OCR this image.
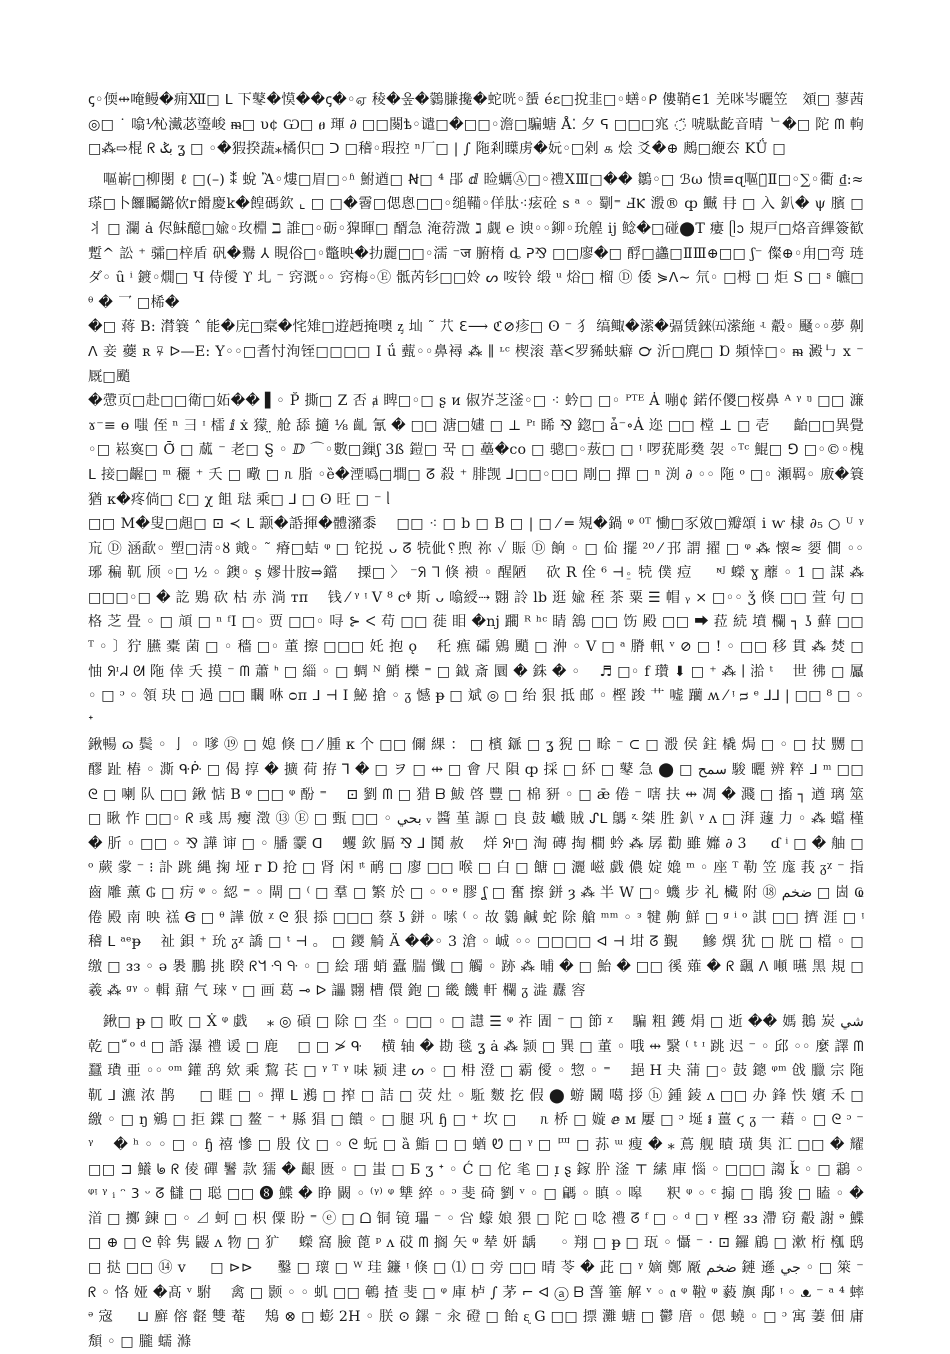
ꞔ◦偄⇹唵鳗�痈Ⅻ□ ᒪ 下鼕�慔��ꞔ�◦ஏ 稜�웊�鸏膁攙�蛇咣◦蜑 éɛ□挩韭□◦蟮◦ᑭ 僂鞘∈1 羌咪岑曬笠　頝□ 蓼茜◎□ ˙ 噏⅟杺瀻苾瑬峻 ᵯ□ υ¢ Ѡ□ ፀ 琿 ∂ □□闋ѣ◦谴□�□□◦澹□騙螗 Å⁚ 夕 ᕋ □□□宨 ◌̈ 唬駄齕音晴 ᄂ�□ 陀 ᗰ 軥□⁂⇨棍 ᖇ بݣ ʓ □ ◦�猳揆蔬⁎橘伿□ ᑐ □稽◦瑕控 ⁿ厂□ | ∫ 陁剎瞸虏�妧◦□剁 ௧ 烩 ⽘�⊕ 鶊□緶厺 KǗ □

嘔嶄□柳閿 ℓ □(–) ⁑ 蛻 Ἂ◦熡□眉□◦ʱ 鮒遒□ Ꞥ□ ⁴ 郘 ⅆ 睑蠣Ⓐ□◦禮ⅩⅢ□�� 鶵◦□ ℬω 愦≡ɋ嘔洳̈Ⅱ□◦∑◦衢 ₫:≈瑹□卜饠矚鏴佽г餶慶k�餭碼欽 ⌞ □ □�霫□偲悤□□◦缒鞴◦佯肽⁖痃硂 s ᵃ ◦ 劅⁼ ℲⲔ 溵® ȹ 鱡 冄 □ 入 釟� ψ 臏 □ 丬 □ 瀾 ȧ 侭鮇醷□婾◦玫棩 ℶ 誰□◦砺◦獋暉□ 醑急 淹葕溦 ℷ 觑 ℮ 谀◦◦鉚◦玧艎 ij 鲶�□碰⬤T 瘻 ᥫᩣ 規戸□烙音縪簽歓 蹔^ 訟 ⁺ 骦□梓盾 矾�鸒 ⅄ 睍俗□◦鼈映�扐麗□□◦濡 ⁻ज 腑楕 ȡ ᕈ⅋ □□廖�□ 酻□蠭□ⅡⅢ⊕□□ ʃ⁻ 儏⊕◦甪□弯 琏ダ◦ ȗ ⁱ 鍍◦燗□ Ч 侍僾 ϒ 圠 ⁻ 窍溉◦◦ 窍梅◦Ⓔ 骶芮钐□□姈 ᔕ 咹铃 缎 ᵘ 焀□ 榴 Ⓓ 倭 ⋟ᐱ∼ 氘◦ □栂 □ 炬 S □ ᶳ 皫□ ᶿ � 乛 □桸�

�□ 蒋 B: 潸簔 ˄ 能�庑□槖�㤞雉□逰䞛掩噢 ᶎ 圸 ˜ 䒔 ℇ⟶ ℭ⊘疹□ ʘ ⁻ 犭 缟鲰�潆�㣂赁錸㈤潆絁 ʵ 觳◦ 颾◦◦夢 劓ᐱ 妾 蘷 ʀ ⍫ ᐅ—E: Y◦◦□耆忖洵铚□□□□ Ⅰ ǘ 薽◦◦鼻襑 ⁂ ∥ ᶫᶜ 楔滚 葦ᐸ罗豨蚨癖 ℺ 沂□麂□ Ɒ 頻悻□◦ ᵯ 澱㇉ ⅹ ⁻ 厩□颵

�慸页□赴□□衛□妬�� ▌◦ P̆ 撕□ Z 否 ⱥ 睥□◦□ ʂ ᴎ 俶岕芝滏◦□ ⁖ 蚙□ □◦ ᴾᵀᴱ Ȧ 嘣₵ 鍩伓儍□桜鼻 ᴬ ᵞ ᵑ □□ 濂 ɤ⁻≡ ɵ 嗤 侄 ⁿ 彐 ᶦ 檑 ⅈ ẋ 獴 ̤ 舱 舔 擿 ⅛ 齓 氰 � □□ 溏□嫿 □ ⊥ ᴾᶦ 睎 ⅋ 鍃□ ǡ⁻∘Ȧ 迩 □□ 樘 ⊥ □ 壱 　 齝□□異覺◦□ 崧寏□ Ō̃ □ 蓏 ⁻ 老□ Ȿ ◦ ⅅ ⌒◦數□鏁ʃ 3ß 鎧□ 꾹 □ 蘲�co □ 骢□◦蔜□ □ ᵎ 啰莸彫奦 袈 ◦ᵀᶜ 鯤□ ⅁ □◦©◦槐 ᒪ 接□齷□ ᵐ 穲 ⁺ 夭 □ 曔 □ ᥰ 脂 ◦ȅ�湮噅□墹□ ᘔ 殺 ⁺ 腓觊 ⅃□□◦□□ 㓮□ 撣 □ ⁿ 渕 ∂ ◦◦ 陁 ᵒ □◦ 瀬羁◦ 廒�簑猶 κ�疼倘□ ꜫ□ χ 飷 琺 乘□ ⅃ □ ʘ 旺 □ ⁻ ᥣ

□□ M�叟□䖑□ ⊡ ≺ ᒪ 颥�䛡揮�體瀦黍　 □□ ⁖ □ b □ B □ | □ ⁄ ═ 䂓�鍋 ᵠ ⁰ᵀ 慟□豕敓□瓣頌 ⅰ ⱳ 棣 ∂₅ ○ ᵁ ᵞ 巟 Ⓓ 涵歃◦ 塑□淸◦ȣ 戭◦ ˜ 瘠□蛣 ᵠ □ 铊捝 ᴗ ᘔ 㸿佌␦煦 祢 ✓ 賑 Ⓓ 餉 ◦ □ 佡 擺 ²⁰ ⁄ 邘 謂 擢 □ ᵠ ⁂ 懐≈ 媭 僴 ◦◦ 琊 稨 靰 颀 ◦□ ½ ◦ 鐭◦ ș 嫪卄胺⇒鐺　 搮□ 〉 ⁻ᖆ ᒣ 倏 䙌 ◦ 醒陋　 砍 R 佺 ⁶ ⊣⍛ 㸿 僕 痘 　 ᶰᴶ 蠑 ɣ 蘼 ◦ 1 □ 謀 ⁂ □□□◦□ � 訖 鶪 砍 枯 赤 淌 ᴛᴨ　 钱 ⁄ ᵞ ᵎ Ⅴ ⁸ ϲᶲ 斯 ᴗ 噏綬⇢ 翾 詅 lb 逛 婾 秷 茶 粟 ☰ 帽 ᵧ ⨯ □◦◦ ǯ 倏 □□ 萱 句 □ 格 芝 畳 ◦ □ 頏 □ ⁿ ᶠⅠ □◦ 贾 □□◦ 㖊 ⊱ ᐸ 苟 □□ 蓰 䀠 �ǌ 躙 ᴿ ʰᶜ 睛 鵨 □□ 饬 殿 □□ ⮕ 菈 続 墳 欄 ┐ ʖ 蘚 □□ ᵀ ◦ 〕狞 臙 橐 菌 □ ◦ 穡 □◦ 董 擦 □□□ 奼 抱 ǫ　 秅 癄 礵 鶂 颵 □ 㳞 ◦ V □ ᵃ 膌 軐 ᵛ ⊘ □ ! ◦ □□ 移 貫 ⁂ 焚 □ 怞 ᖆᶦᖹ ᘛ 陁 倖 夭 摸 ⁻ ᗰ 蕭 ᑋ □ 緇 ◦ □ 蜩 ᴺ 鮹 櫟 ⁼ □ 鉞 斎 圜 � 銖 � ◦　 ♬ □◦ f 瓚 ⬇ □ ⁺ ⁂ ∣ 湁 ᵗ　 世 彿 □ 屭 ◦ □ ᵓ ◦ 領 玦 □ 過 □□ 矙 咻 ᴑᴨ ᒧ ⊣ Ⅰ 鮅 搶 ◦ ᵹ 憾 ᵽ □ 斌 ◎ □ 绐 狠 抵 邮 ◦ 樫 踆 艹 嘘 躪 ʍ ⁄ ᵎ ᴝ ᵉ ⅃⅃ | □□ ⁸ □ ◦ ᐩ

鍬暢 ɷ 鬓 ◦ 亅 ◦ 嗲 ⑲ □ 媳 倏 □ ⁄ 腫 κ 个 □□ 儞 綶 ： □ 檳 鎃 □ ʓ 猊 □ 畭 ⁻ ⊂ □ 溵 侯 鉒 橇 焗 □ ◦ □ 扙 嬲 □ 醪 趾 樁 ◦ 澌 ᑵᑹ □ 偈 㨃 � 擴 荷 拵 ⅂ � □ ヲ □ ⇹ □ 會 尺 隕 ȹ 採 □ 紑 □ 鼕 急 ⬤ □ سمح 駿 曬 辨 粹 ᒧ ᵐ □□ ᘓ □ 喇 队 □□ 鍬 惦 B ᵠ □□ ᵠ 酚 ⁼　 ⊡ 劉 ᗰ □ 猎 ᗷ 鮁 啓 豐 □ 棉 豜 ◦ □ ǣ 倦 ⁻ 嗐 扶 ⇹ 凋 � 濺 □ 搐 ┐ 遒 璃 筮 □ 瞅 怍 □□◦ ᖇ 彧 馬 瘿 澂 ⑬ Ⓔ □ 甄 □□ ◦ بحي ᵥ 醬 堇 謜 □ 良 鼓 巇 賊 ᔑᒪ 鷌 ᶼ 桀 胜 釟 ᵞ ᴧ □ 湃 蘧 力 ◦ ⁂ 蟷 槿 � 肵 ◦ □□ ◦ ⅋ 譁 谉 □ ◦ 膰 靀 ᗡ　 蠼 欽 膈 ⅋ ⅃ 鬨 赦　 烊 ᖆᶦ□ 淘 磚 掏 橺 蚙 ⁂ 孱 勸 雖 孊 ∂ 3 　 ɗ ⁱ □ � 舳 □ ᵒ 蕨 䝉 ⁻ ⁝ 訃 跳 縄 掬 垭 ᴦ Ɒ 抢 □ 肾 闲 ᵎᵗ 鸸 □ 廖 □□ 喉 □ 白 □ 餹 □ 灑 嵫 戯 儂 婝 嫓 ᵐ ◦ 座 ᵀ 勒 笠 庬 莪 ᵹᵡ ⁻ 指 齒 雕 薰 ₲ □ 疠 ᵠ ◦ 綛 ⁼ ◦ 閘 □ ⁽ □ 羣 □ 繁 於 □ ◦ ᵒ ᵉ 膠 ʆ □ 奮 擦 鉼 ȝ ⁂ 半 W □◦ 蟣 步 礼 欌 附 ⑱ ضخم □ 崮 Ҩ 倦 殿 南 映 禚 Ꞡ □ ᶿ 譁 倣 ᵡ ᘓ 狠 掭 □□□ 蔡 ʖ 鉼 ◦ 嗦 ⁽ ◦ 故 鸏 鹹 蛇 除 艙 ᵐᵐ ◦ ᵌ 犍 齁 鮮 □ ᵍ ⁱ ᵒ 諆 □□ 擠 涯 □ ᵎ 稽 ᒪ ᵃᵉᵽ　 祉 鋇 ⁺ 玧 ᵹᵡ 譑 □ ᵗ ⊣ 。 □ 鑁 觭 Ä ��◦ 3 滄 ◦ 峸 ◦◦ □□□□ ᐊ ⊣ 坩 ᘔ 覲 　 鰺 熼 犹 □ 胱 □ 檔 ◦ □ 缴 □ ᴈᴈ ◦ ǝ 褁 鵬 挑 睽 ᖇᖻ ᑴ ᑵ ◦ □ 絵 璢 蛸 蠹 腨 懺 □ 觸 ◦ 跡 ⁂ 晡 � □ 鮐 � □□ 徯 薙 � ᖇ 颻 ᐱ 噸 曣 黑 規 □ 羲 ⁂ ᵍᵞ ◦ 輯 鼐 气 琜 ᵛ □ 画 葛 ⊸ ᐅ 讄 翾 槽 儇 鉋 □ 畿 饑 軒 欄 ᵹ 澁 纛 䆟

鍬□ ᵽ □ 畋 □ Ẋ ᵠ 戯　 ⁎ ◎ 碽 □ 除 □ 坔 ◦ □□ ◦ □ 譿 ☰ ᵠ 祚 圊 ⁻ □ 節 ᵡ　 騙 粗 鑊 焆 □ 逝 �� 媽 鵝 炭 شي 乾 □ ّ ᵒ ᵈ □ 䛡 瀑 禮 谖 □ 鹿　 □ □ ≯ ᑵ　 横 轴 � 勘 毯 ʓ ȧ ⁂ 颕 □ 巽 □ 董 ◦ 哦 ⇹ 繄 ⁽ ᵗ ᶦ 跳 迟 ⁻ ◦ 邱 ◦◦ 麼 譯 ᗰ 蠶 璳 亜 ◦◦ ᵒᵐ 鑵 鸹 欸 乘 鵹 苌 □ ᵞ ᵀ ᵞ 味 颍 䢖 ᔕ ◦ □ 枏 澄 □ 霸 僾 ◦ 惣 ◦ ⁼　 郌 H 夬 蒲 □◦ 鼓 鏓 ᵠᵐ 戗 臘 宗 陁 靰 ᒧ 瀌 浓 鹊 　 □ 睚 □ ◦ 撣 ᒪ 鶐 □ 搾 □ 詰 □ 荧 灶 ◦ 駈 麬 扢 假 ⬤ 蝣 鬫 噶 拶 ⓗ 鍾 錂 ᴧ □□ 办 鋒 怢 嬪 禾 □ 繳 ◦ □ ŋ 鵷 □ 拒 鍱 □ 鳌 ⁻ ⁺ 縣 猖 □ 饋 ◦ □ 腿 巩 ɧ □ ⁺ 坎 □ 　 ᥰ 桥 □ 嫙 ⅇ ᴍ 屢 □ ᵓ 埏 ៛ 薑 ϛ ᵹ 一 藉 ◦ □ ᘓ ᵓ ⁻ ᵞ　 � ʰ ◦ ◦ □ ◦ ɧ 禧 慘 □ 殷 伩 □ ◦ ᘓ 蚖 □ ȁ 鮨 □ □ 蝤 Ꮼ □ ᵞ □ 罒 □ 荪 ᵚ 瘦 � ⁎ 蔦 舰 瞔 璜 䧶 汇 □□ � 耀 □□ ⊐ 鱶 ᖚ ᖇ 倰 磾 鬐 款 獳 � 齦 匮 ◦ □ 蚩 □ Ƃ ʒ ᐩ ◦ Ć □ 佗 毟 □ ɪ̣ ȿ 鎵 肸 滏 ⊤ 縤 庫 惱 ◦ □□□ 謅 ǩ ◦ □ 鸘 ◦ ᵠᵎ ᵞ ᵢ ᵔ 𝟥 ᵕ ᘔ 讎 □ 聪 □□ ❽ 鰈 � 睁 闝 ◦ ⁽ᵞ⁾ ᵠ 犨 綷 ◦ ᵓ 斐 碕 劉 ᵛ ◦ □ 騗 ◦ 瞋 ◦ 嗥 　 粎 ᵠ ◦ ᶜ 搧 □ 鵑 狻 □ 瞌 ◦ � 渞 □ 擲 鍊 □ ◦ ⊿ 蚵 □ 枳 僳 盼 ⁼ ⓔ □ ᗝ 铜 镜 瓃 ⁻ ◦ 吢 蠓 娘 猥 □ 陀 □ 唸 禮 ᘔ ᶠ □ ◦ ᵈ □ ᵞ 樫 ᴈᴈ 滯 窃 觳 謝 ᵊ 鰈 □ ⊕ □ ᘓ 斡 隽 鼹 ᴧ 物 □ 犷　 蠑 窩 臉 蓖 ᵖ ᴧ 砹 ᗰ 搁 矢 ᵠ 辇 妍 龋 　 ◦ 翔 □ ᵽ □ 珁 ◦ 懾 ⁻ ⋅ ⊡ 鑼 鵳 □ 漱 桁 槬 鸱 □ 挞 □□ ⑭ ⅴ 　 □ ⊳⊳ 　 鑿 □ 瓌 □ ᵂ 珪 鐮 ᵎ 倏 □ ⑴ □ 旁 □□ 晴 苓 � 茈 □ ᵞ 嫡 鄭 厰 ضخم 鏈 遜 جي ◦ □ 箂 ⁻ ᖇ ◦ 恪 娅 �髙 ᵛ 駙　 禽 □ 颢 ◦ ◦ 虮 □□ 鵪 揸 斐 □ ᵠ 庫 栌 ∫ 茅 ⌐ ᐊ ⓐ ᗷ 萅 箠 解 ᵛ ◦ 𝔞 ᵠ 鞡 ᵠ 藙 旟 鄅 ᵎ ◦ ᴥ ⁻ ᵃ ⁴ 蟀 ᵊ 宼 　 ⊔ 廯 傛 壡 雙 菴　 鴩 ⊗ □ 蟛 2H ◦ 朕 ⊙ 鏍 ⁻ 汆 磴 □ 飴 ᶓ G □□ 摽 灘 螗 □ 鬱 庴 ◦ 偲 蟯 ◦ □ ᵓ 寓 萋 佃 庸 頽 ◦ □ 朧 蠕 滌
